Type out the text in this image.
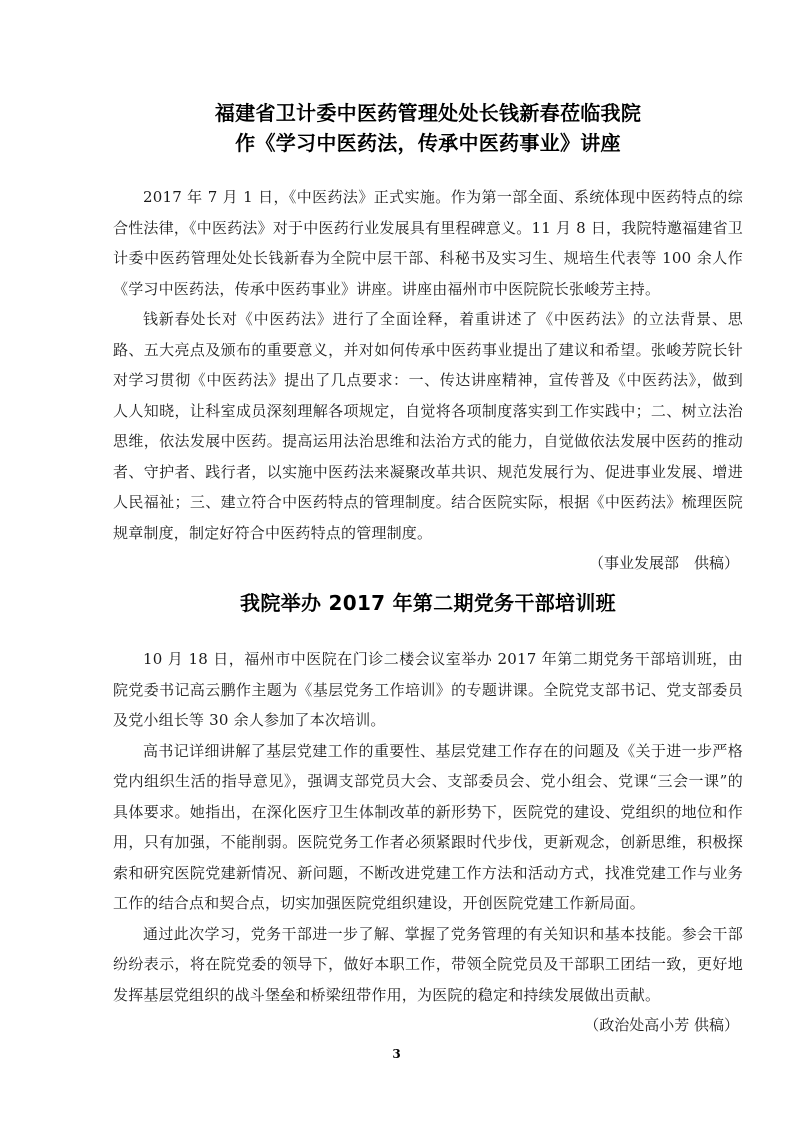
福建省卫计委中医药管理处处长钱新春莅临我院
作《学习中医药法，传承中医药事业》讲座

2017 年 7 月 1 日，《中医药法》正式实施。作为第一部全面、系统体现中医药特点的综合性法律，《中医药法》对于中医药行业发展具有里程碑意义。11 月 8 日，我院特邀福建省卫计委中医药管理处处长钱新春为全院中层干部、科秘书及实习生、规培生代表等 100 余人作《学习中医药法，传承中医药事业》讲座。讲座由福州市中医院院长张峻芳主持。

钱新春处长对《中医药法》进行了全面诠释，着重讲述了《中医药法》的立法背景、思路、五大亮点及颁布的重要意义，并对如何传承中医药事业提出了建议和希望。张峻芳院长针对学习贯彻《中医药法》提出了几点要求：一、传达讲座精神，宣传普及《中医药法》，做到人人知晓，让科室成员深刻理解各项规定，自觉将各项制度落实到工作实践中；二、树立法治思维，依法发展中医药。提高运用法治思维和法治方式的能力，自觉做依法发展中医药的推动者、守护者、践行者，以实施中医药法来凝聚改革共识、规范发展行为、促进事业发展、增进人民福祉；三、建立符合中医药特点的管理制度。结合医院实际，根据《中医药法》梳理医院规章制度，制定好符合中医药特点的管理制度。

（事业发展部　供稿）

我院举办 2017 年第二期党务干部培训班

10 月 18 日，福州市中医院在门诊二楼会议室举办 2017 年第二期党务干部培训班，由院党委书记高云鹏作主题为《基层党务工作培训》的专题讲课。全院党支部书记、党支部委员及党小组长等 30 余人参加了本次培训。

高书记详细讲解了基层党建工作的重要性、基层党建工作存在的问题及《关于进一步严格党内组织生活的指导意见》，强调支部党员大会、支部委员会、党小组会、党课“三会一课”的具体要求。她指出，在深化医疗卫生体制改革的新形势下，医院党的建设、党组织的地位和作用，只有加强，不能削弱。医院党务工作者必须紧跟时代步伐，更新观念，创新思维，积极探索和研究医院党建新情况、新问题，不断改进党建工作方法和活动方式，找准党建工作与业务工作的结合点和契合点，切实加强医院党组织建设，开创医院党建工作新局面。

通过此次学习，党务干部进一步了解、掌握了党务管理的有关知识和基本技能。参会干部纷纷表示，将在院党委的领导下，做好本职工作，带领全院党员及干部职工团结一致，更好地发挥基层党组织的战斗堡垒和桥梁纽带作用，为医院的稳定和持续发展做出贡献。

（政治处高小芳 供稿）

3
